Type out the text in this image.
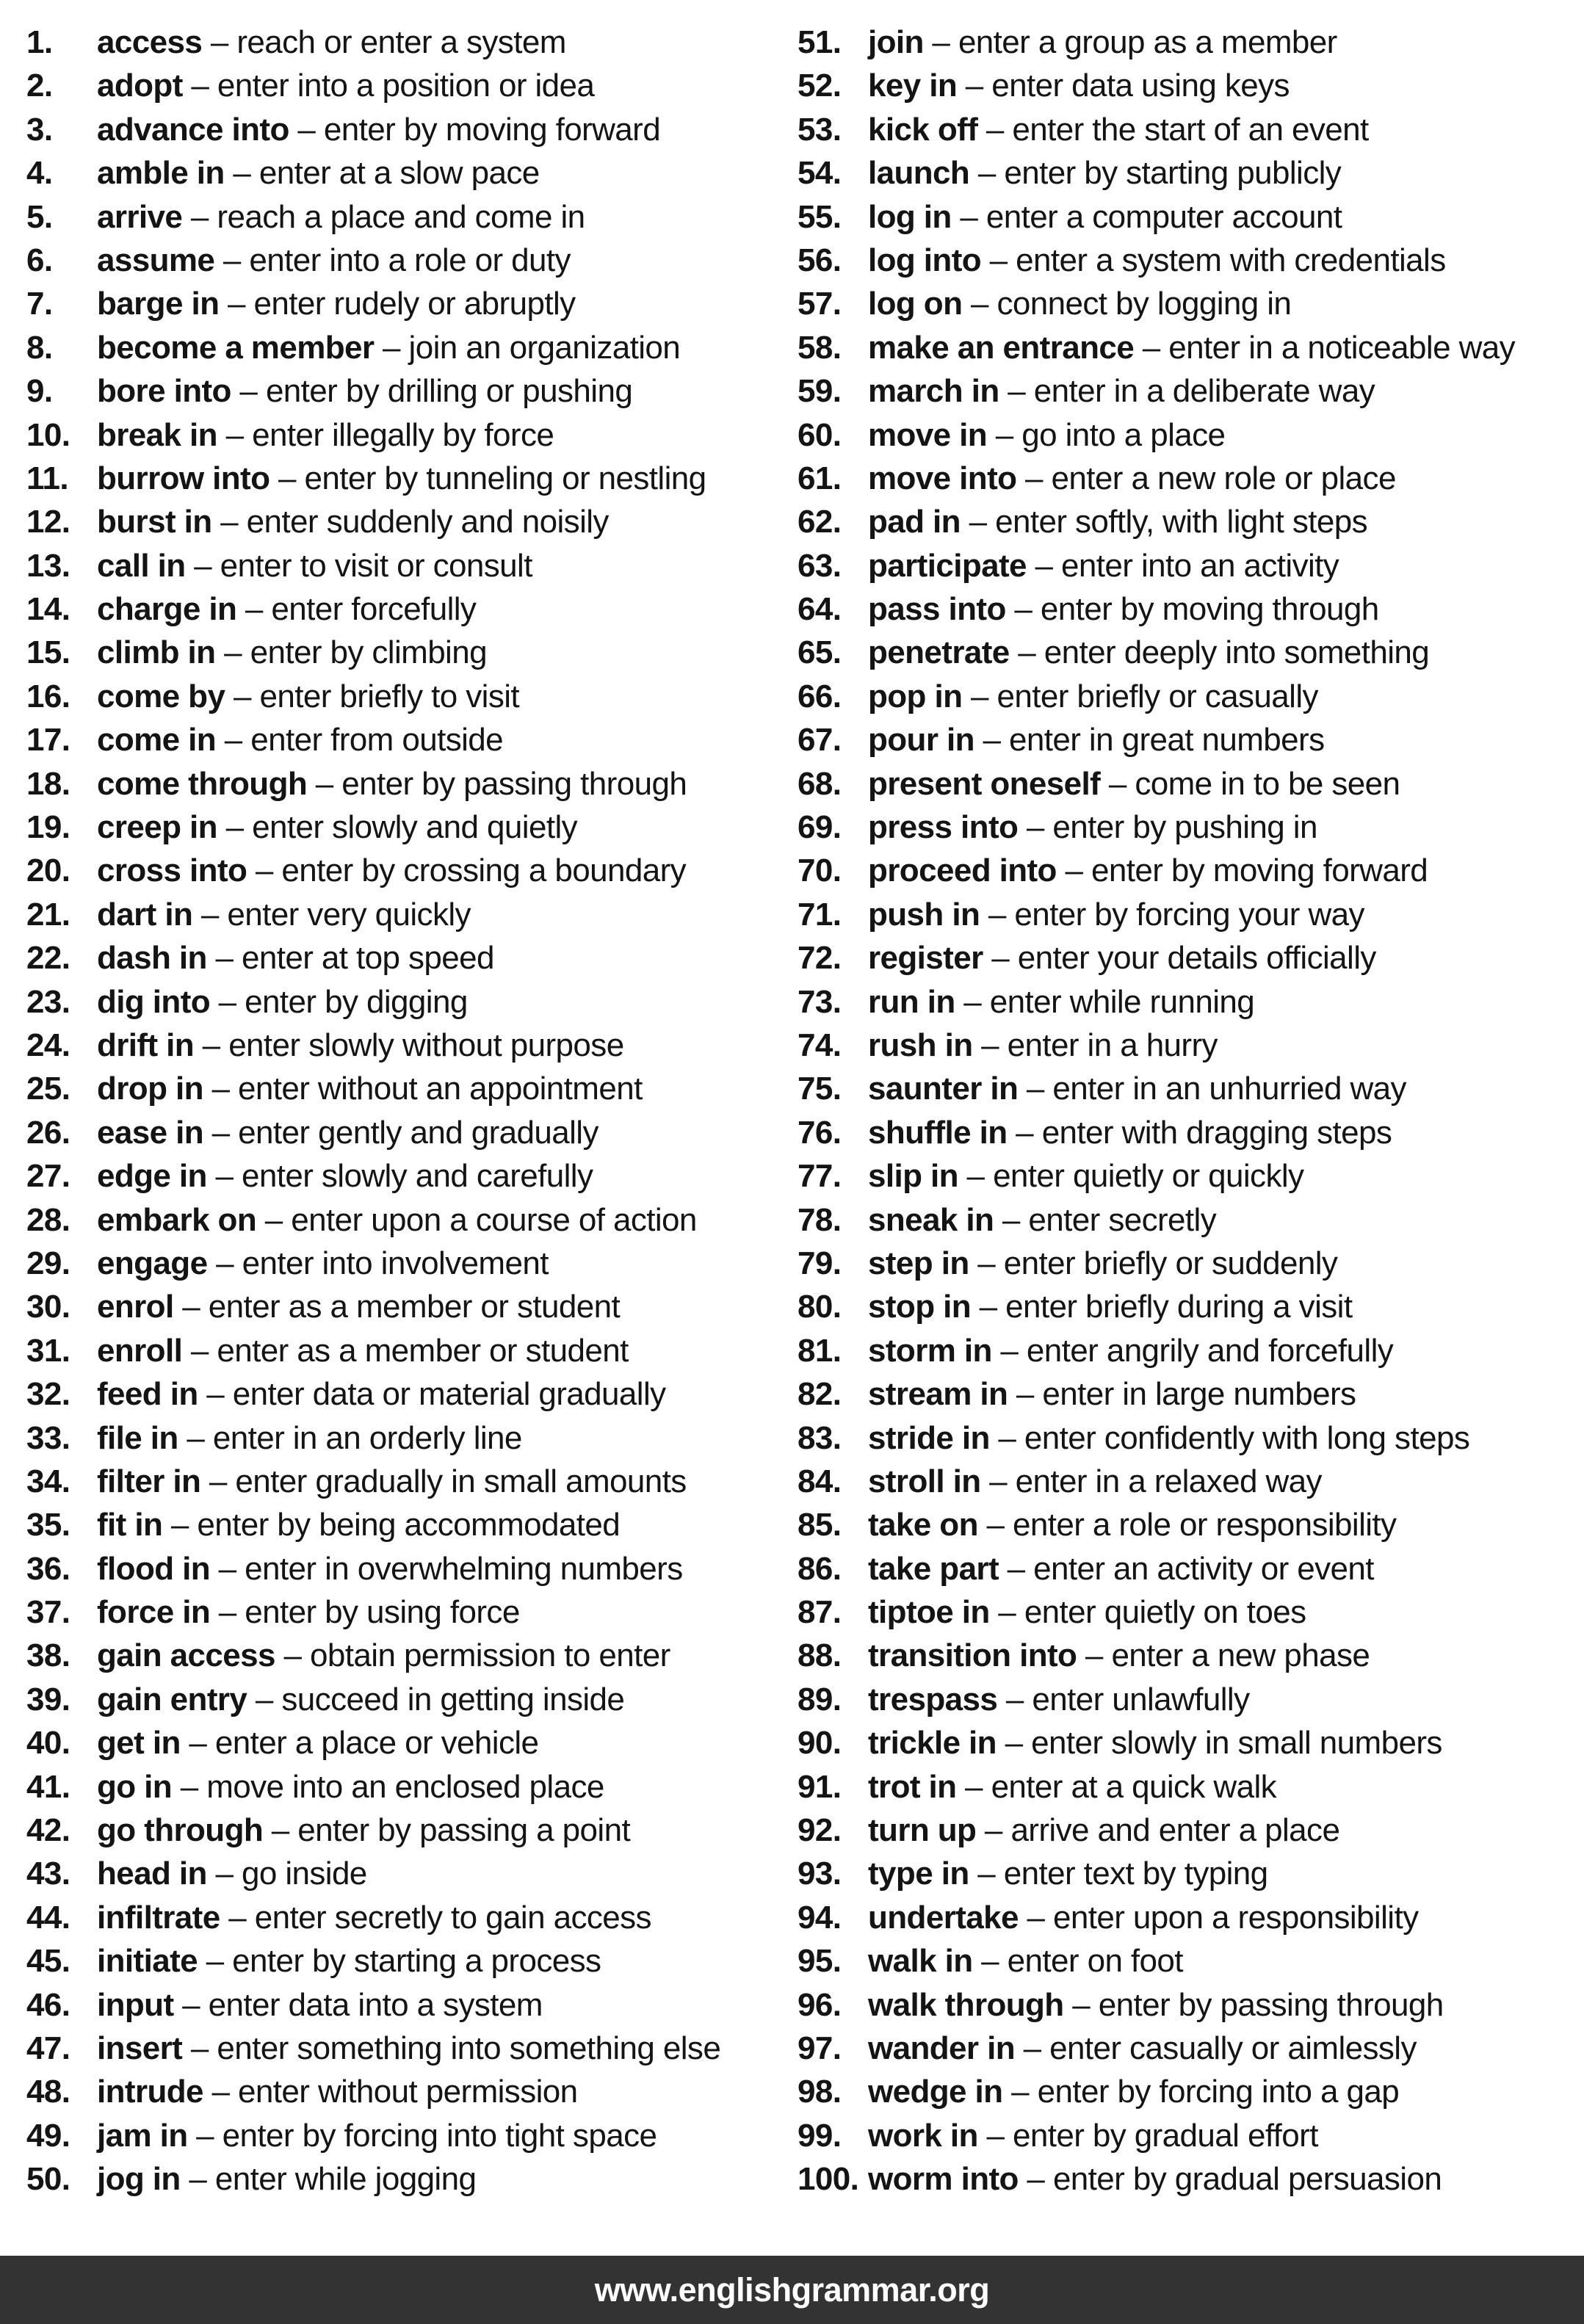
1. access – reach or enter a system
2. adopt – enter into a position or idea
3. advance into – enter by moving forward
4. amble in – enter at a slow pace
5. arrive – reach a place and come in
6. assume – enter into a role or duty
7. barge in – enter rudely or abruptly
8. become a member – join an organization
9. bore into – enter by drilling or pushing
10. break in – enter illegally by force
11. burrow into – enter by tunneling or nestling
12. burst in – enter suddenly and noisily
13. call in – enter to visit or consult
14. charge in – enter forcefully
15. climb in – enter by climbing
16. come by – enter briefly to visit
17. come in – enter from outside
18. come through – enter by passing through
19. creep in – enter slowly and quietly
20. cross into – enter by crossing a boundary
21. dart in – enter very quickly
22. dash in – enter at top speed
23. dig into – enter by digging
24. drift in – enter slowly without purpose
25. drop in – enter without an appointment
26. ease in – enter gently and gradually
27. edge in – enter slowly and carefully
28. embark on – enter upon a course of action
29. engage – enter into involvement
30. enrol – enter as a member or student
31. enroll – enter as a member or student
32. feed in – enter data or material gradually
33. file in – enter in an orderly line
34. filter in – enter gradually in small amounts
35. fit in – enter by being accommodated
36. flood in – enter in overwhelming numbers
37. force in – enter by using force
38. gain access – obtain permission to enter
39. gain entry – succeed in getting inside
40. get in – enter a place or vehicle
41. go in – move into an enclosed place
42. go through – enter by passing a point
43. head in – go inside
44. infiltrate – enter secretly to gain access
45. initiate – enter by starting a process
46. input – enter data into a system
47. insert – enter something into something else
48. intrude – enter without permission
49. jam in – enter by forcing into tight space
50. jog in – enter while jogging
51. join – enter a group as a member
52. key in – enter data using keys
53. kick off – enter the start of an event
54. launch – enter by starting publicly
55. log in – enter a computer account
56. log into – enter a system with credentials
57. log on – connect by logging in
58. make an entrance – enter in a noticeable way
59. march in – enter in a deliberate way
60. move in – go into a place
61. move into – enter a new role or place
62. pad in – enter softly, with light steps
63. participate – enter into an activity
64. pass into – enter by moving through
65. penetrate – enter deeply into something
66. pop in – enter briefly or casually
67. pour in – enter in great numbers
68. present oneself – come in to be seen
69. press into – enter by pushing in
70. proceed into – enter by moving forward
71. push in – enter by forcing your way
72. register – enter your details officially
73. run in – enter while running
74. rush in – enter in a hurry
75. saunter in – enter in an unhurried way
76. shuffle in – enter with dragging steps
77. slip in – enter quietly or quickly
78. sneak in – enter secretly
79. step in – enter briefly or suddenly
80. stop in – enter briefly during a visit
81. storm in – enter angrily and forcefully
82. stream in – enter in large numbers
83. stride in – enter confidently with long steps
84. stroll in – enter in a relaxed way
85. take on – enter a role or responsibility
86. take part – enter an activity or event
87. tiptoe in – enter quietly on toes
88. transition into – enter a new phase
89. trespass – enter unlawfully
90. trickle in – enter slowly in small numbers
91. trot in – enter at a quick walk
92. turn up – arrive and enter a place
93. type in – enter text by typing
94. undertake – enter upon a responsibility
95. walk in – enter on foot
96. walk through – enter by passing through
97. wander in – enter casually or aimlessly
98. wedge in – enter by forcing into a gap
99. work in – enter by gradual effort
100. worm into – enter by gradual persuasion
www.englishgrammar.org
